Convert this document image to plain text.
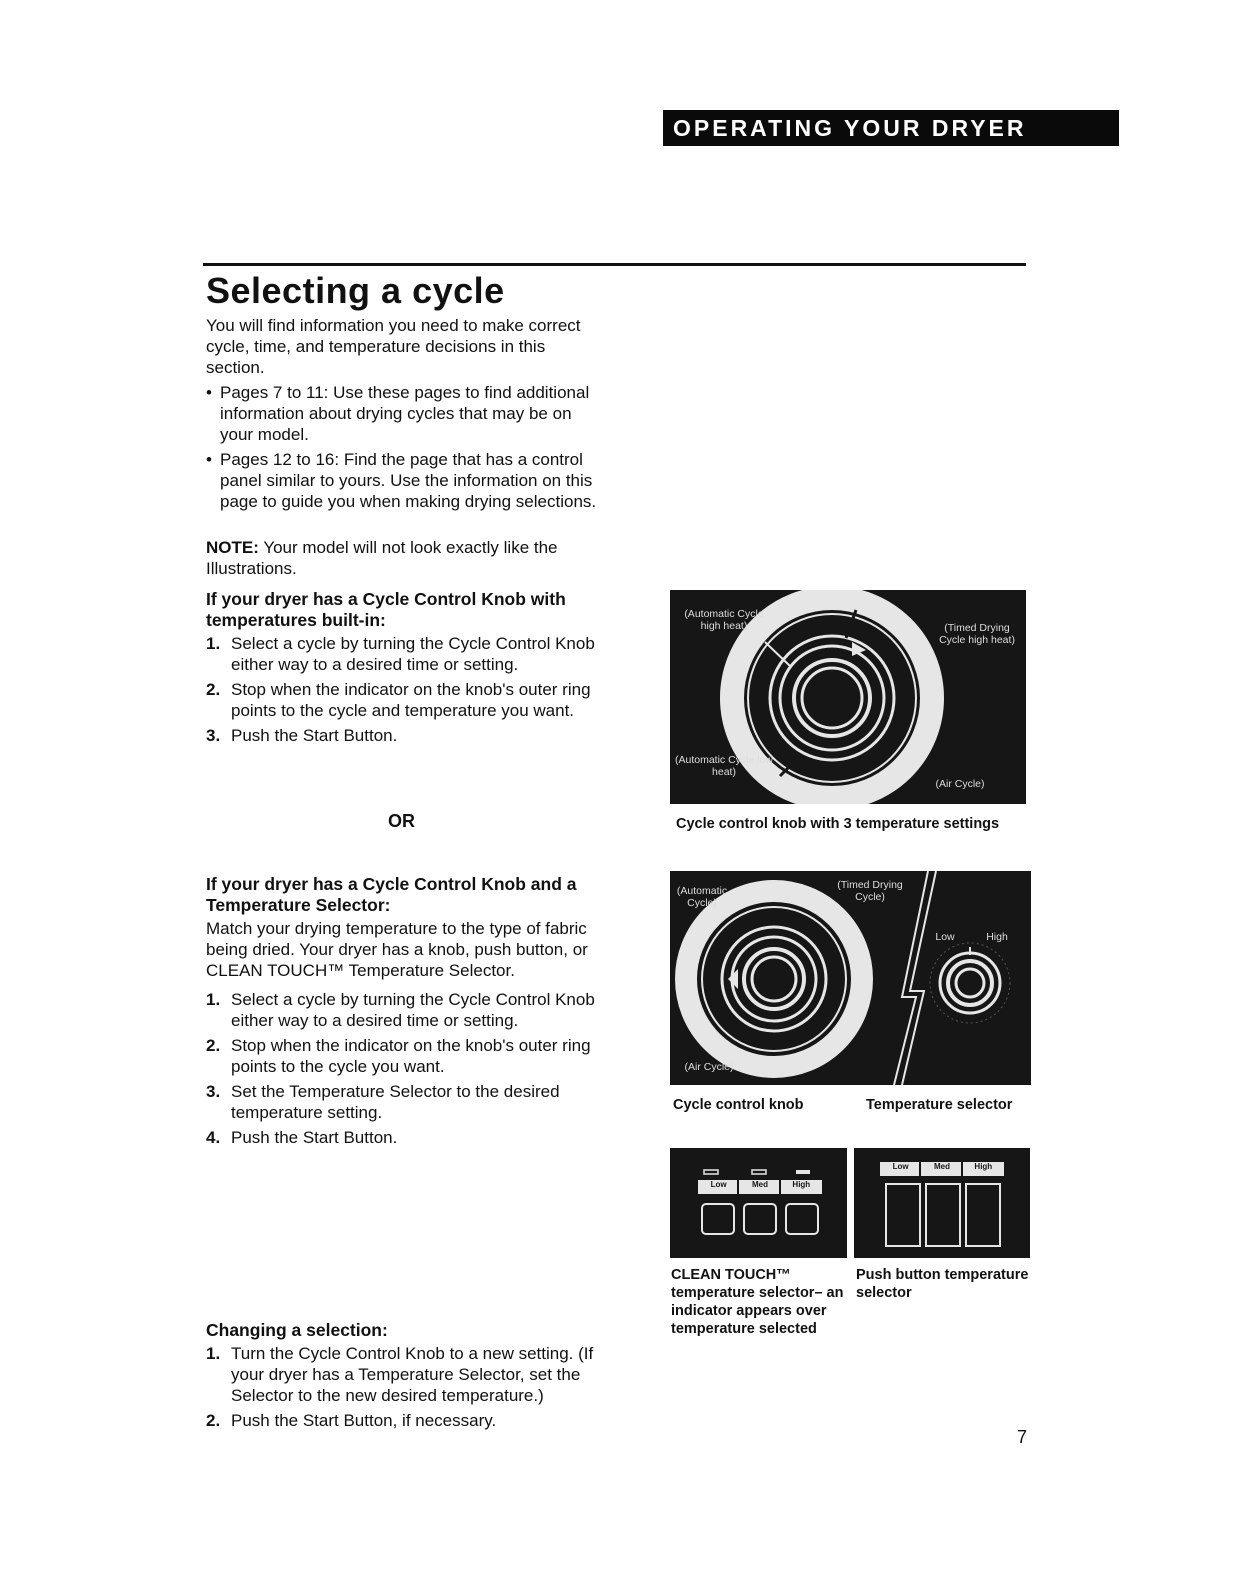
OPERATING YOUR DRYER
Selecting a cycle
You will find information you need to make correct cycle, time, and temperature decisions in this section.
• Pages 7 to 11: Use these pages to find additional information about drying cycles that may be on your model.
• Pages 12 to 16: Find the page that has a control panel similar to yours. Use the information on this page to guide you when making drying selections.
NOTE: Your model will not look exactly like the Illustrations.
If your dryer has a Cycle Control Knob with temperatures built-in:
1. Select a cycle by turning the Cycle Control Knob either way to a desired time or setting.
2. Stop when the indicator on the knob's outer ring points to the cycle and temperature you want.
3. Push the Start Button.
OR
If your dryer has a Cycle Control Knob and a Temperature Selector:

Match your drying temperature to the type of fabric being dried. Your dryer has a knob, push button, or CLEAN TOUCH™ Temperature Selector.

1. Select a cycle by turning the Cycle Control Knob either way to a desired time or setting.
2. Stop when the indicator on the knob's outer ring points to the cycle you want.
3. Set the Temperature Selector to the desired temperature setting.
4. Push the Start Button.
Changing a selection:
1. Turn the Cycle Control Knob to a new setting. (If your dryer has a Temperature Selector, set the Selector to the new desired temperature.)
2. Push the Start Button, if necessary.
(Automatic Cycle high heat)	(Timed Drying Cycle high heat)
(Automatic Cycle low heat)
(Air Cycle)
Cycle control knob with 3 temperature settings
(Automatic Cycle)
(Timed Drying Cycle)
(Air Cycle)
Low	High
Cycle control knob	Temperature selector
Low	Med	High
CLEAN TOUCH™ temperature selector– an indicator appears over temperature selected
Low	Med	High
Push button temperature selector
7
